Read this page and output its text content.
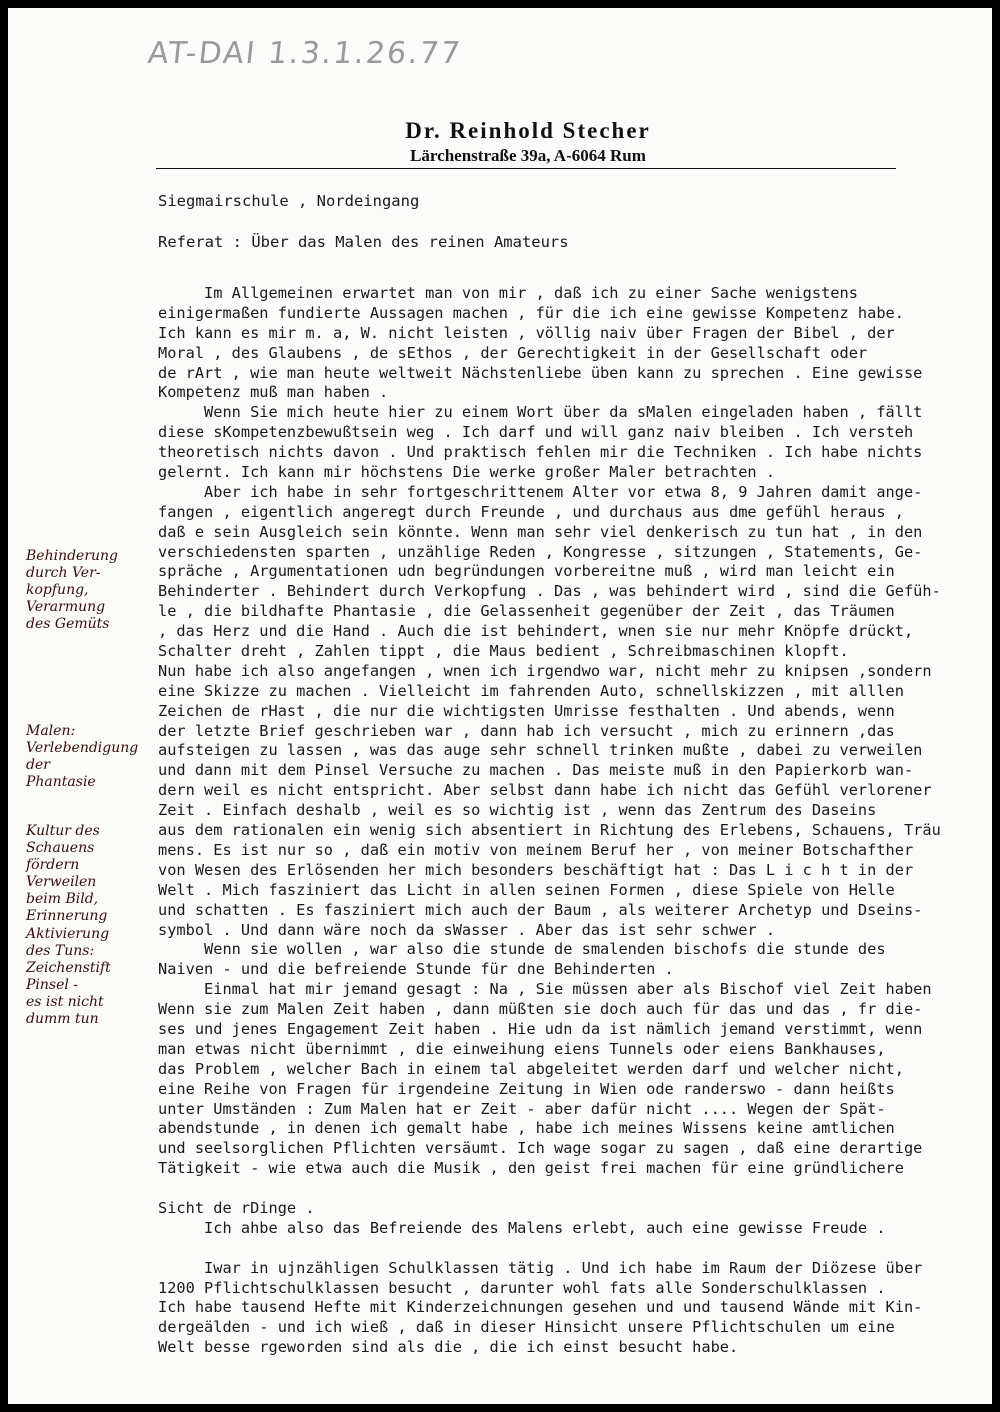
AT-DAI 1.3.1.26.77
Dr. Reinhold Stecher
Lärchenstraße 39a, A-6064 Rum
Siegmairschule , Nordeingang
Referat : Über das Malen des reinen Amateurs
Im Allgemeinen erwartet man von mir , daß ich zu einer Sache wenigstens
einigermaßen fundierte Aussagen machen , für die ich eine gewisse Kompetenz habe.
Ich kann es mir m. a, W. nicht leisten , völlig naiv über Fragen der Bibel , der
Moral , des Glaubens , de sEthos , der Gerechtigkeit in der Gesellschaft oder
de rArt , wie man heute weltweit Nächstenliebe üben kann zu sprechen . Eine gewisse
Kompetenz muß man haben .
Wenn Sie mich heute hier zu einem Wort über da sMalen eingeladen haben , fällt
diese sKompetenzbewußtsein weg . Ich darf und will ganz naiv bleiben . Ich versteh
theoretisch nichts davon . Und praktisch fehlen mir die Techniken . Ich habe nichts
gelernt. Ich kann mir höchstens Die werke großer Maler betrachten .
Aber ich habe in sehr fortgeschrittenem Alter vor etwa 8, 9 Jahren damit ange-
fangen , eigentlich angeregt durch Freunde , und durchaus aus dme gefühl heraus ,
daß e sein Ausgleich sein könnte. Wenn man sehr viel denkerisch zu tun hat , in den
verschiedensten sparten , unzählige Reden , Kongresse , sitzungen , Statements, Ge-
spräche , Argumentationen udn begründungen vorbereitne muß , wird man leicht ein
Behinderter . Behindert durch Verkopfung . Das , was behindert wird , sind die Gefüh-
le , die bildhafte Phantasie , die Gelassenheit gegenüber der Zeit , das Träumen
, das Herz und die Hand . Auch die ist behindert, wnen sie nur mehr Knöpfe drückt,
Schalter dreht , Zahlen tippt , die Maus bedient , Schreibmaschinen klopft.
Nun habe ich also angefangen , wnen ich irgendwo war, nicht mehr zu knipsen ,sondern
eine Skizze zu machen . Vielleicht im fahrenden Auto, schnellskizzen , mit alllen
Zeichen de rHast , die nur die wichtigsten Umrisse festhalten . Und abends, wenn
der letzte Brief geschrieben war , dann hab ich versucht , mich zu erinnern ,das
aufsteigen zu lassen , was das auge sehr schnell trinken mußte , dabei zu verweilen
und dann mit dem Pinsel Versuche zu machen . Das meiste muß in den Papierkorb wan-
dern weil es nicht entspricht. Aber selbst dann habe ich nicht das Gefühl verlorener
Zeit . Einfach deshalb , weil es so wichtig ist , wenn das Zentrum des Daseins
aus dem rationalen ein wenig sich absentiert in Richtung des Erlebens, Schauens, Träu
mens. Es ist nur so , daß ein motiv von meinem Beruf her , von meiner Botschafther
von Wesen des Erlösenden her mich besonders beschäftigt hat : Das L i c h t in der
Welt . Mich fasziniert das Licht in allen seinen Formen , diese Spiele von Helle
und schatten . Es fasziniert mich auch der Baum , als weiterer Archetyp und Dseins-
symbol . Und dann wäre noch da sWasser . Aber das ist sehr schwer .
Wenn sie wollen , war also die stunde de smalenden bischofs die stunde des
Naiven - und die befreiende Stunde für dne Behinderten .
Einmal hat mir jemand gesagt : Na , Sie müssen aber als Bischof viel Zeit haben
Wenn sie zum Malen Zeit haben , dann müßten sie doch auch für das und das , fr die-
ses und jenes Engagement Zeit haben . Hie udn da ist nämlich jemand verstimmt, wenn
man etwas nicht übernimmt , die einweihung eiens Tunnels oder eiens Bankhauses,
das Problem , welcher Bach in einem tal abgeleitet werden darf und welcher nicht,
eine Reihe von Fragen für irgendeine Zeitung in Wien ode randerswo - dann heißts
unter Umständen : Zum Malen hat er Zeit - aber dafür nicht .... Wegen der Spät-
abendstunde , in denen ich gemalt habe , habe ich meines Wissens keine amtlichen
und seelsorglichen Pflichten versäumt. Ich wage sogar zu sagen , daß eine derartige
Tätigkeit - wie etwa auch die Musik , den geist frei machen für eine gründlichere
Sicht de rDinge .
Ich ahbe also das Befreiende des Malens erlebt, auch eine gewisse Freude .
Iwar in ujnzähligen Schulklassen tätig . Und ich habe im Raum der Diözese über
1200 Pflichtschulklassen besucht , darunter wohl fats alle Sonderschulklassen .
Ich habe tausend Hefte mit Kinderzeichnungen gesehen und und tausend Wände mit Kin-
dergeälden - und ich wieß , daß in dieser Hinsicht unsere Pflichtschulen um eine
Welt besse rgeworden sind als die , die ich einst besucht habe.
Behinderung
durch Ver-
kopfung,
Verarmung
des Gemüts
Malen:
Verlebendigung
der
Phantasie
Kultur des
Schauens
fördern
Verweilen
beim Bild,
Erinnerung
Aktivierung
des Tuns:
Zeichenstift
Pinsel -
es ist nicht
dumm tun
